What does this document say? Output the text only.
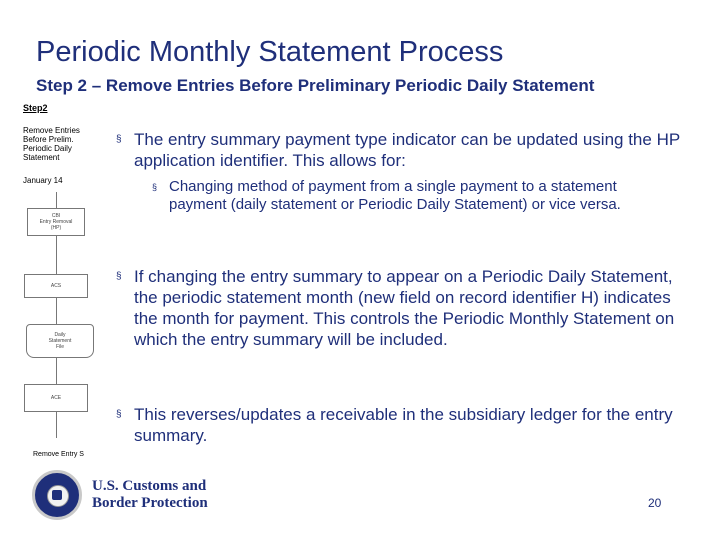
Periodic Monthly Statement Process
Step 2 – Remove Entries Before Preliminary Periodic Daily Statement
Step2
Remove Entries
Before Prelim.
Periodic Daily
Statement
January 14
CBI
Entry Removal
(HP)
ACS
Daily
Statement
File
ACE
Remove Entry S
§ The entry summary payment type indicator can be updated using the HP application identifier. This allows for:
§ Changing method of payment from a single payment to a statement payment (daily statement or Periodic Daily Statement) or vice versa.
§ If changing the entry summary to appear on a Periodic Daily Statement, the periodic statement month (new field on record identifier H) indicates the month for payment. This controls the Periodic Monthly Statement on which the entry summary will be included.
§ This reverses/updates a receivable in the subsidiary ledger for the entry summary.
U.S. Customs and
Border Protection	20
